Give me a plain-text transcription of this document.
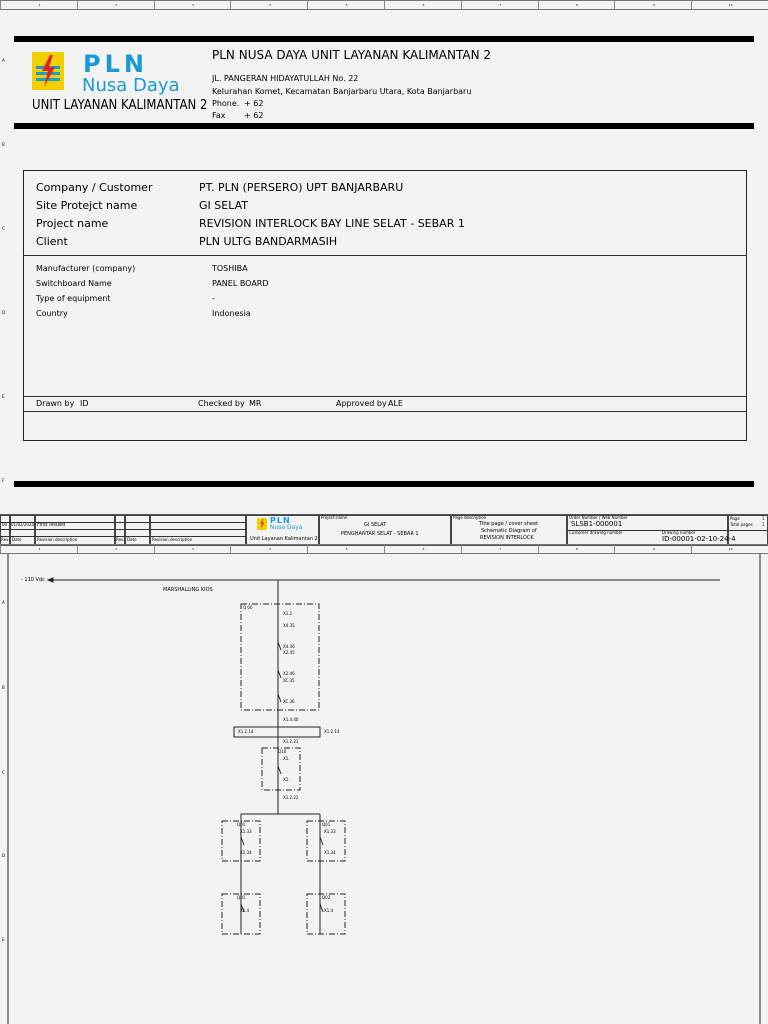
1	2	3	4	5	6	7	8	9	10
A
B
C
D
E
F
PLN
Nusa Daya
UNIT LAYANAN KALIMANTAN 2
PLN NUSA DAYA UNIT LAYANAN KALIMANTAN 2
JL. PANGERAN HIDAYATULLAH No. 22
Kelurahan Komet, Kecamatan Banjarbaru Utara, Kota Banjarbaru
Phone. + 62
Fax + 62
Company / Customer	PT. PLN (PERSERO) UPT BANJARBARU
Site Protejct name	GI SELAT
Project name	REVISION INTERLOCK BAY LINE SELAT - SEBAR 1
Client	PLN ULTG BANDARMASIH
Manufacturer (company)	TOSHIBA
Switchboard Name	PANEL BOARD
Type of equipment	-
Country	Indonesia
Drawn by ID	Checked by MR	Approved by ALE
00 01/02/2024 First Issued
Rev. Date	Revision description	Rev. Date	Revision description
PLN
Nusa Daya
Unit Layanan Kalimantan 2
Project name
GI SELAT
PENGHANTAR SELAT - SEBAR 1
Page description
Title page / cover sheet
Schematic Diagram of
REVISION INTERLOCK
Order Number / Web Number
SLSB1-000001
Customer drawing number	Drawing number
ID-00001-02-10-24-4
Page	1
Total pages 1
1	2	3	4	5	6	7	8	9	10
A
B
C
D
E
- 110 Vdc
MARSHALLING KIOS
Q 00
X1.2
X4.35
X4.36
X2.45
X2.46
XC.35
XC.36
X1.4.40
X1.2.14	X1.2.14
X1.2.21
Q10
X1.
X1.
X1.2.22
Q01
X1.33
X1.34
Q01
X1.33
X1.34
Q01
X1.4
Q02
X1.4
